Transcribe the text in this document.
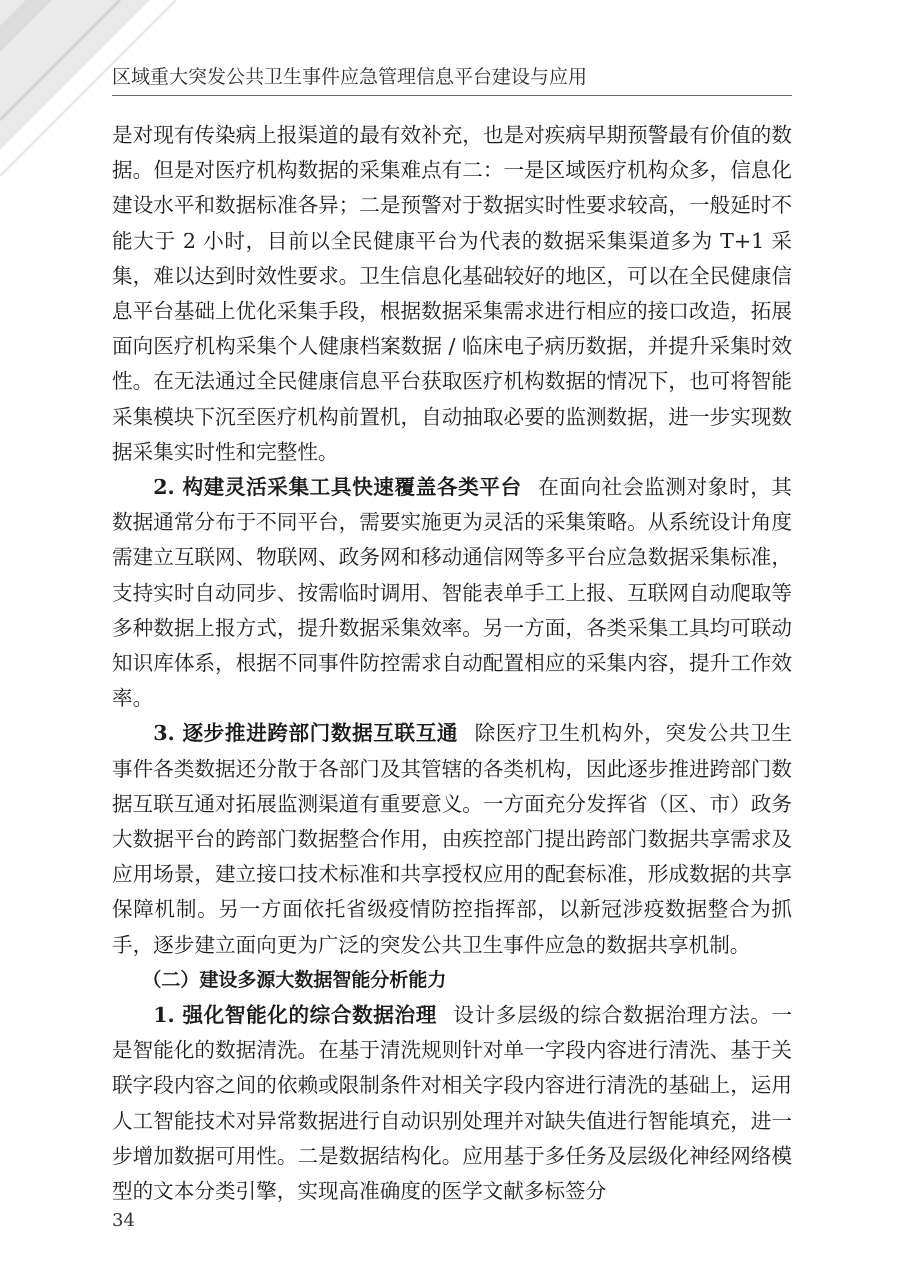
区域重大突发公共卫生事件应急管理信息平台建设与应用

是对现有传染病上报渠道的最有效补充，也是对疾病早期预警最有价值的数据。但是对医疗机构数据的采集难点有二：一是区域医疗机构众多，信息化建设水平和数据标准各异；二是预警对于数据实时性要求较高，一般延时不能大于 2 小时，目前以全民健康平台为代表的数据采集渠道多为 T+1 采集，难以达到时效性要求。卫生信息化基础较好的地区，可以在全民健康信息平台基础上优化采集手段，根据数据采集需求进行相应的接口改造，拓展面向医疗机构采集个人健康档案数据 / 临床电子病历数据，并提升采集时效性。在无法通过全民健康信息平台获取医疗机构数据的情况下，也可将智能采集模块下沉至医疗机构前置机，自动抽取必要的监测数据，进一步实现数据采集实时性和完整性。

2. 构建灵活采集工具快速覆盖各类平台 在面向社会监测对象时，其数据通常分布于不同平台，需要实施更为灵活的采集策略。从系统设计角度需建立互联网、物联网、政务网和移动通信网等多平台应急数据采集标准，支持实时自动同步、按需临时调用、智能表单手工上报、互联网自动爬取等多种数据上报方式，提升数据采集效率。另一方面，各类采集工具均可联动知识库体系，根据不同事件防控需求自动配置相应的采集内容，提升工作效率。

3. 逐步推进跨部门数据互联互通 除医疗卫生机构外，突发公共卫生事件各类数据还分散于各部门及其管辖的各类机构，因此逐步推进跨部门数据互联互通对拓展监测渠道有重要意义。一方面充分发挥省（区、市）政务大数据平台的跨部门数据整合作用，由疾控部门提出跨部门数据共享需求及应用场景，建立接口技术标准和共享授权应用的配套标准，形成数据的共享保障机制。另一方面依托省级疫情防控指挥部，以新冠涉疫数据整合为抓手，逐步建立面向更为广泛的突发公共卫生事件应急的数据共享机制。

（二）建设多源大数据智能分析能力

1. 强化智能化的综合数据治理 设计多层级的综合数据治理方法。一是智能化的数据清洗。在基于清洗规则针对单一字段内容进行清洗、基于关联字段内容之间的依赖或限制条件对相关字段内容进行清洗的基础上，运用人工智能技术对异常数据进行自动识别处理并对缺失值进行智能填充，进一步增加数据可用性。二是数据结构化。应用基于多任务及层级化神经网络模型的文本分类引擎，实现高准确度的医学文献多标签分

34
